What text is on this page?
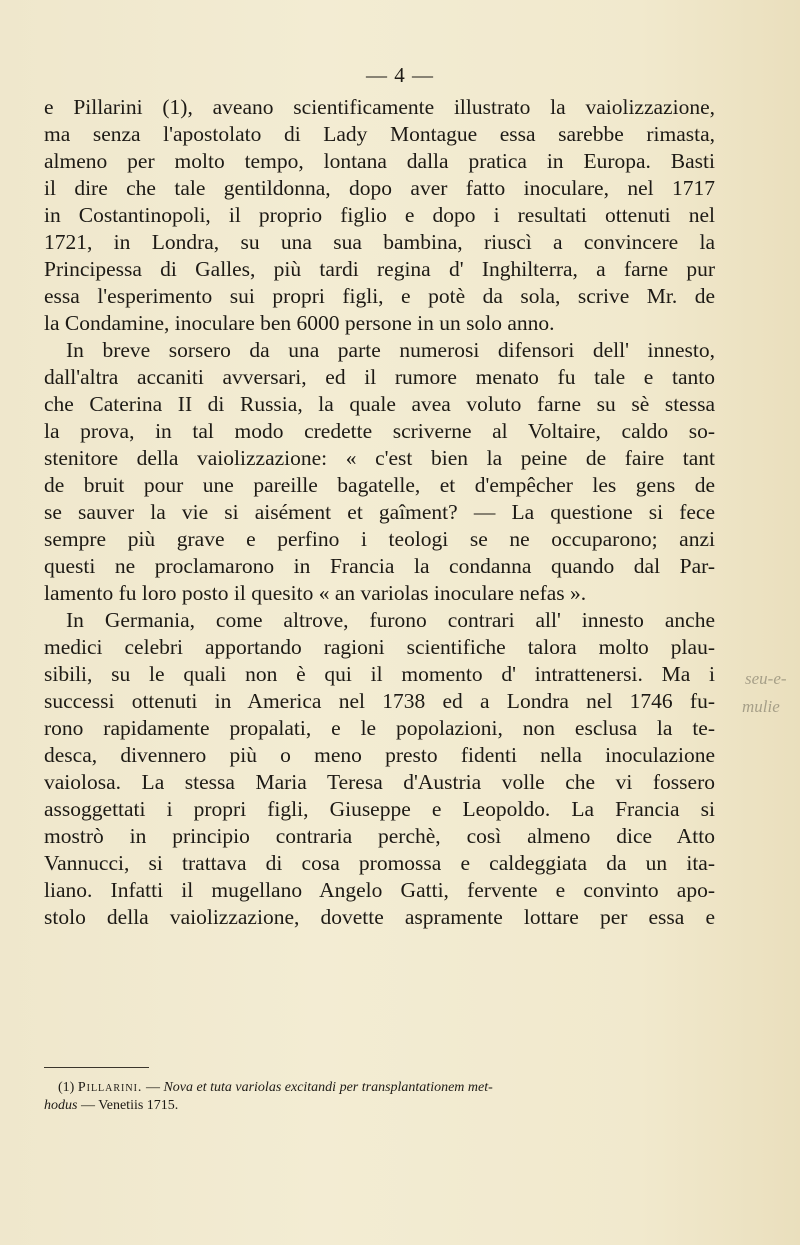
— 4 —
e Pillarini (1), aveano scientificamente illustrato la vaiolizzazione,
ma senza l'apostolato di Lady Montague essa sarebbe rimasta,
almeno per molto tempo, lontana dalla pratica in Europa. Basti
il dire che tale gentildonna, dopo aver fatto inoculare, nel 1717
in Costantinopoli, il proprio figlio e dopo i resultati ottenuti nel
1721, in Londra, su una sua bambina, riuscì a convincere la
Principessa di Galles, più tardi regina d' Inghilterra, a farne pur
essa l'esperimento sui propri figli, e potè da sola, scrive Mr. de
la Condamine, inoculare ben 6000 persone in un solo anno.
In breve sorsero da una parte numerosi difensori dell' innesto,
dall'altra accaniti avversari, ed il rumore menato fu tale e tanto
che Caterina II di Russia, la quale avea voluto farne su sè stessa
la prova, in tal modo credette scriverne al Voltaire, caldo so-
stenitore della vaiolizzazione: « c'est bien la peine de faire tant
de bruit pour une pareille bagatelle, et d'empêcher les gens de
se sauver la vie si aisément et gaîment? — La questione si fece
sempre più grave e perfino i teologi se ne occuparono; anzi
questi ne proclamarono in Francia la condanna quando dal Par-
lamento fu loro posto il quesito « an variolas inoculare nefas ».
In Germania, come altrove, furono contrari all' innesto anche
medici celebri apportando ragioni scientifiche talora molto plau-
sibili, su le quali non è qui il momento d' intrattenersi. Ma i
successi ottenuti in America nel 1738 ed a Londra nel 1746 fu-
rono rapidamente propalati, e le popolazioni, non esclusa la te-
desca, divennero più o meno presto fidenti nella inoculazione
vaiolosa. La stessa Maria Teresa d'Austria volle che vi fossero
assoggettati i propri figli, Giuseppe e Leopoldo. La Francia si
mostrò in principio contraria perchè, così almeno dice Atto
Vannucci, si trattava di cosa promossa e caldeggiata da un ita-
liano. Infatti il mugellano Angelo Gatti, fervente e convinto apo-
stolo della vaiolizzazione, dovette aspramente lottare per essa e
(1) Pillarini. — Nova et tuta variolas excitandi per transplantationem met-
hodus — Venetiis 1715.
seu-e-
mulie
